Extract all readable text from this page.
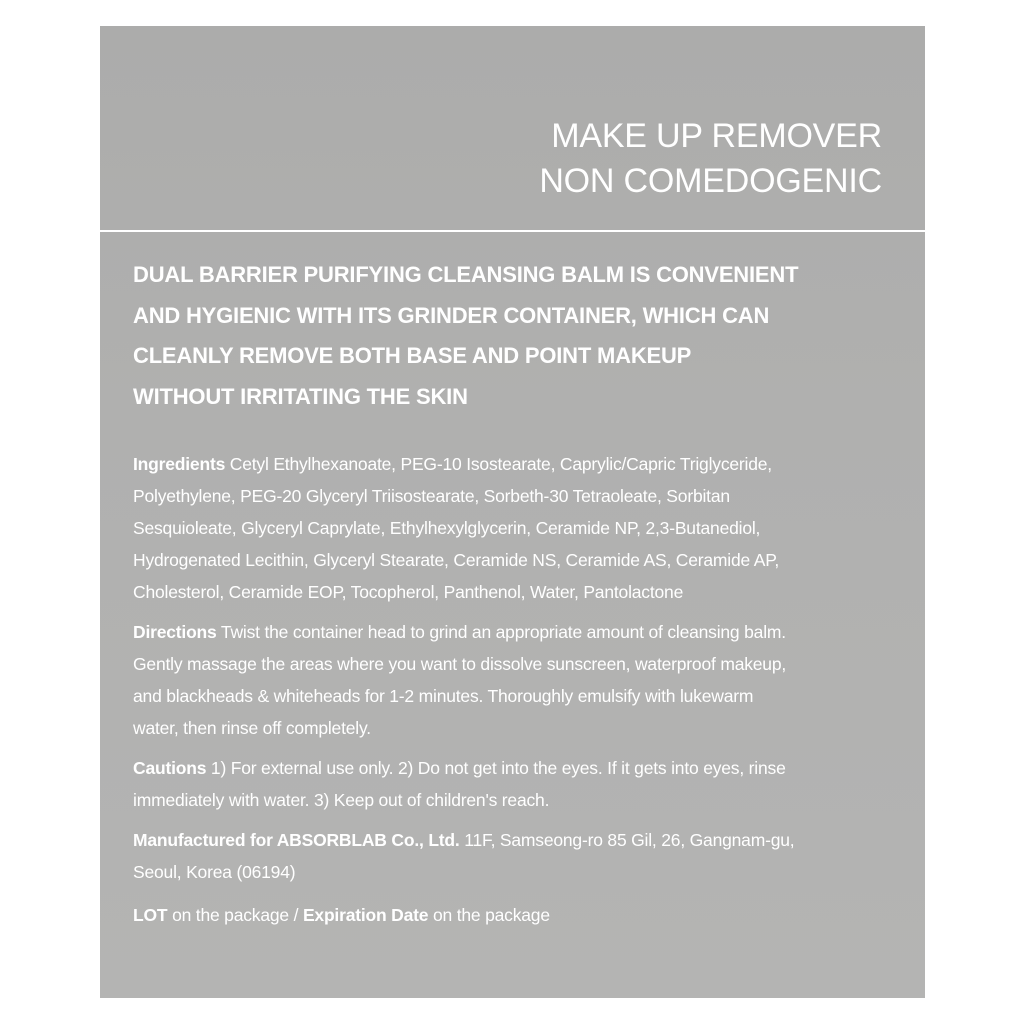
MAKE UP REMOVER
NON COMEDOGENIC
DUAL BARRIER PURIFYING CLEANSING BALM IS CONVENIENT
AND HYGIENIC WITH ITS GRINDER CONTAINER, WHICH CAN
CLEANLY REMOVE BOTH BASE AND POINT MAKEUP
WITHOUT IRRITATING THE SKIN
Ingredients Cetyl Ethylhexanoate, PEG-10 Isostearate, Caprylic/Capric Triglyceride,
Polyethylene, PEG-20 Glyceryl Triisostearate, Sorbeth-30 Tetraoleate, Sorbitan
Sesquioleate, Glyceryl Caprylate, Ethylhexylglycerin, Ceramide NP, 2,3-Butanediol,
Hydrogenated Lecithin, Glyceryl Stearate, Ceramide NS, Ceramide AS, Ceramide AP,
Cholesterol, Ceramide EOP, Tocopherol, Panthenol, Water, Pantolactone
Directions Twist the container head to grind an appropriate amount of cleansing balm.
Gently massage the areas where you want to dissolve sunscreen, waterproof makeup,
and blackheads & whiteheads for 1-2 minutes. Thoroughly emulsify with lukewarm
water, then rinse off completely.
Cautions 1) For external use only. 2) Do not get into the eyes. If it gets into eyes, rinse
immediately with water. 3) Keep out of children's reach.
Manufactured for ABSORBLAB Co., Ltd. 11F, Samseong-ro 85 Gil, 26, Gangnam-gu,
Seoul, Korea (06194)
LOT on the package / Expiration Date on the package
